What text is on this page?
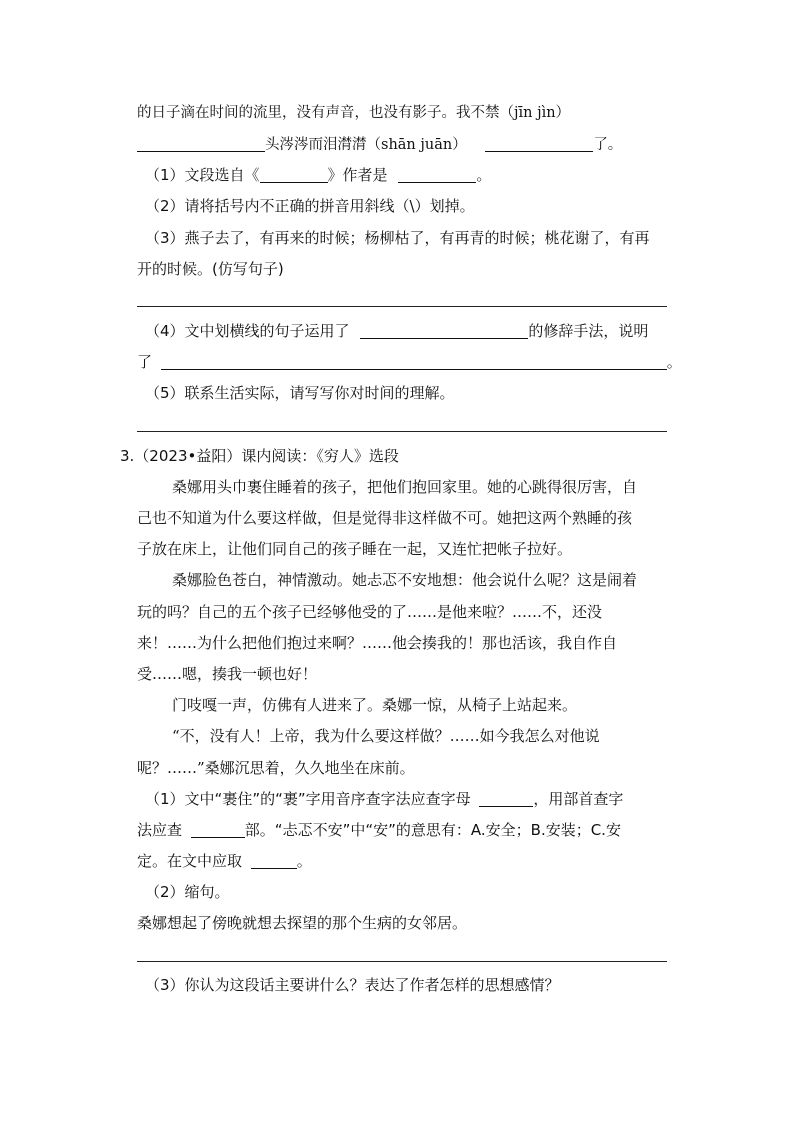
的日子滴在时间的流里，没有声音，也没有影子。我不禁（jīn jìn）
头涔涔而泪潸潸（shān juān）	了。
（1）文段选自《	》作者是	。
（2）请将括号内不正确的拼音用斜线（\）划掉。
（3）燕子去了，有再来的时候；杨柳枯了，有再青的时候；桃花谢了，有再
开的时候。(仿写句子)
（4）文中划横线的句子运用了	的修辞手法，说明
了	。
（5）联系生活实际，请写写你对时间的理解。
3.（2023•益阳）课内阅读：《穷人》选段
桑娜用头巾裹住睡着的孩子，把他们抱回家里。她的心跳得很厉害，自
己也不知道为什么要这样做，但是觉得非这样做不可。她把这两个熟睡的孩
子放在床上，让他们同自己的孩子睡在一起，又连忙把帐子拉好。
桑娜脸色苍白，神情激动。她忐忑不安地想：他会说什么呢？这是闹着
玩的吗？自己的五个孩子已经够他受的了……是他来啦？……不，还没
来！……为什么把他们抱过来啊？……他会揍我的！那也活该，我自作自
受……嗯，揍我一顿也好！
门吱嘎一声，仿佛有人进来了。桑娜一惊，从椅子上站起来。
“不，没有人！上帝，我为什么要这样做？……如今我怎么对他说
呢？……”桑娜沉思着，久久地坐在床前。
（1）文中“裹住”的“裹”字用音序查字法应查字母	，用部首查字
法应查	部。“忐忑不安”中“安”的意思有：A.安全；B.安装；C.安
定。在文中应取	。
（2）缩句。
桑娜想起了傍晚就想去探望的那个生病的女邻居。
（3）你认为这段话主要讲什么？表达了作者怎样的思想感情？
